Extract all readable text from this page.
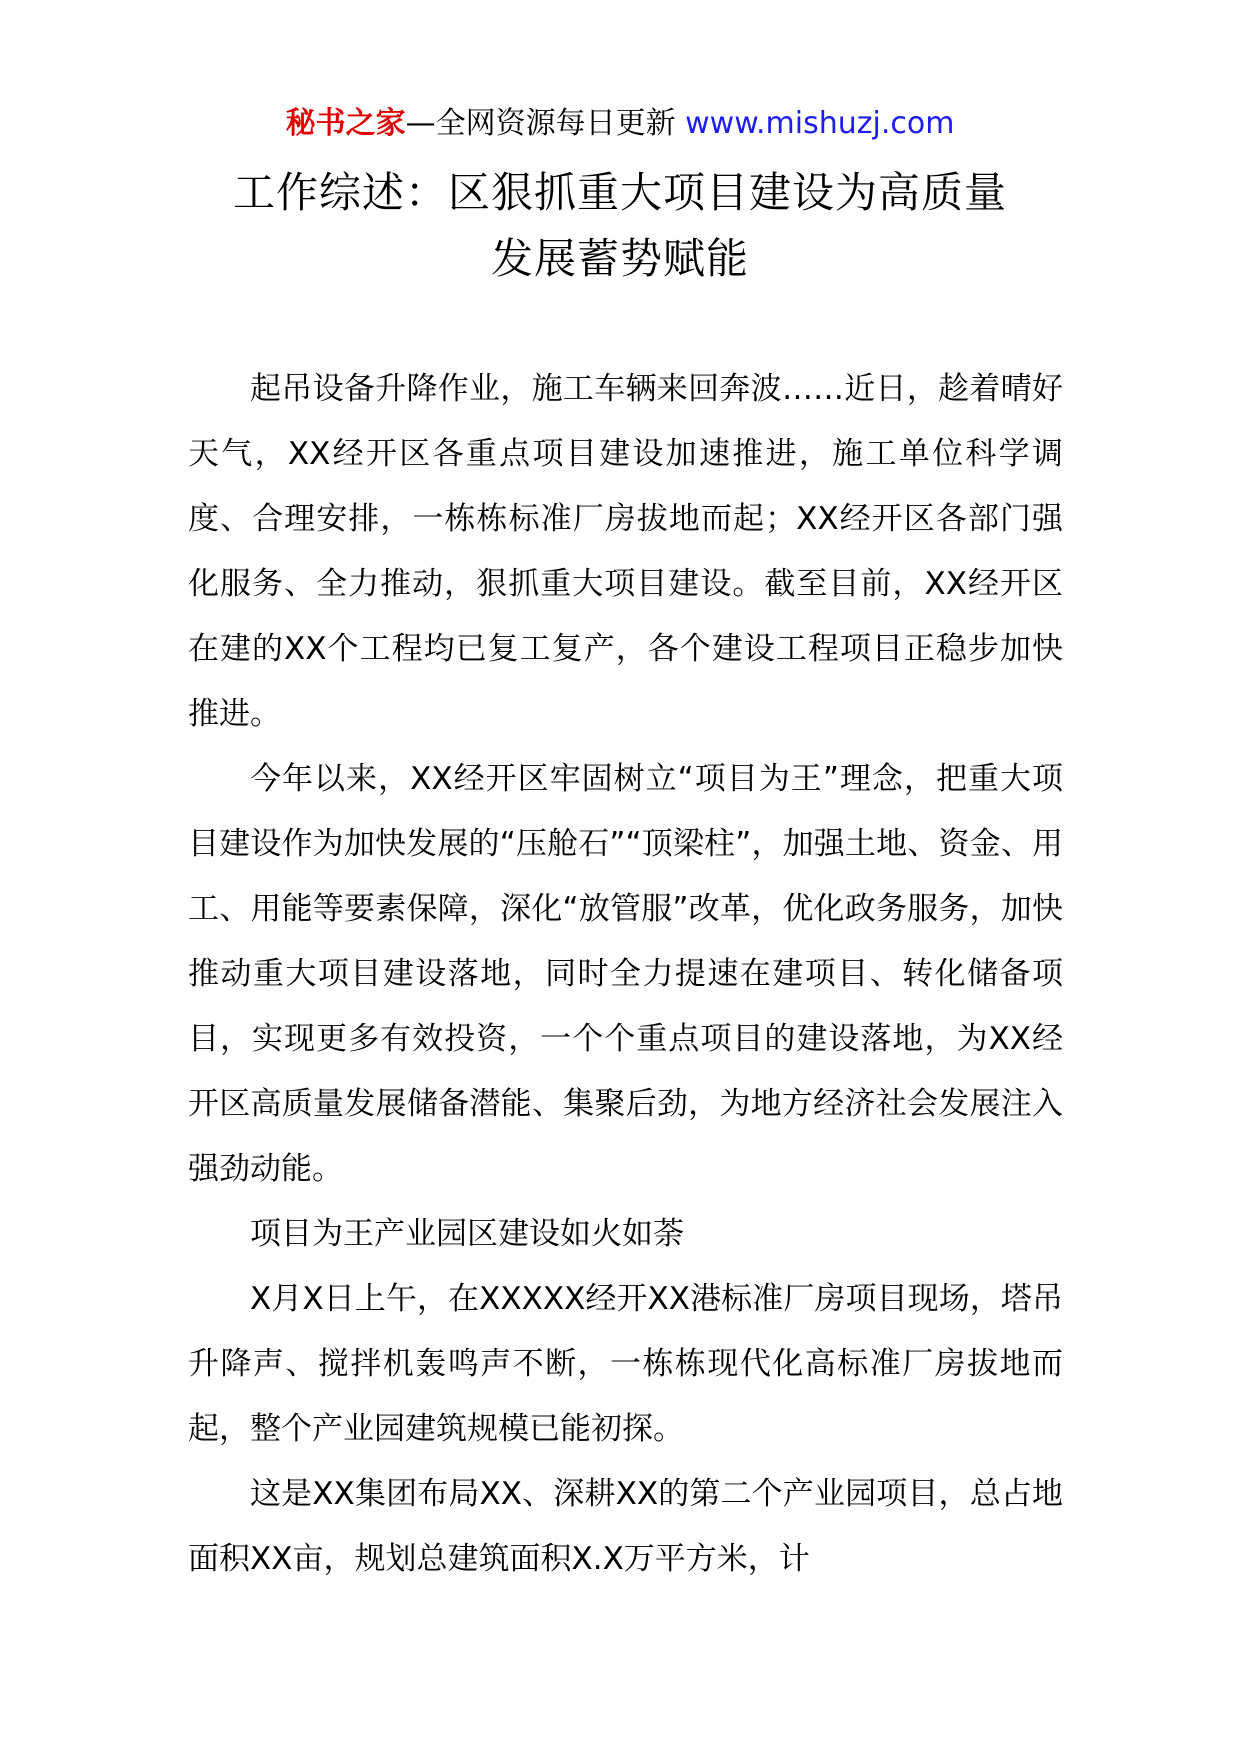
秘书之家—全网资源每日更新 www.mishuzj.com
工作综述：区狠抓重大项目建设为高质量
发展蓄势赋能

起吊设备升降作业，施工车辆来回奔波……近日，趁着晴好天气，XX经开区各重点项目建设加速推进，施工单位科学调度、合理安排，一栋栋标准厂房拔地而起；XX经开区各部门强化服务、全力推动，狠抓重大项目建设。截至目前，XX经开区在建的XX个工程均已复工复产，各个建设工程项目正稳步加快推进。

今年以来，XX经开区牢固树立“项目为王”理念，把重大项目建设作为加快发展的“压舱石”“顶梁柱”，加强土地、资金、用工、用能等要素保障，深化“放管服”改革，优化政务服务，加快推动重大项目建设落地，同时全力提速在建项目、转化储备项目，实现更多有效投资，一个个重点项目的建设落地，为XX经开区高质量发展储备潜能、集聚后劲，为地方经济社会发展注入强劲动能。

项目为王产业园区建设如火如荼

X月X日上午，在XXXXX经开XX港标准厂房项目现场，塔吊升降声、搅拌机轰鸣声不断，一栋栋现代化高标准厂房拔地而起，整个产业园建筑规模已能初探。

这是XX集团布局XX、深耕XX的第二个产业园项目，总占地面积XX亩，规划总建筑面积X.X万平方米，计
